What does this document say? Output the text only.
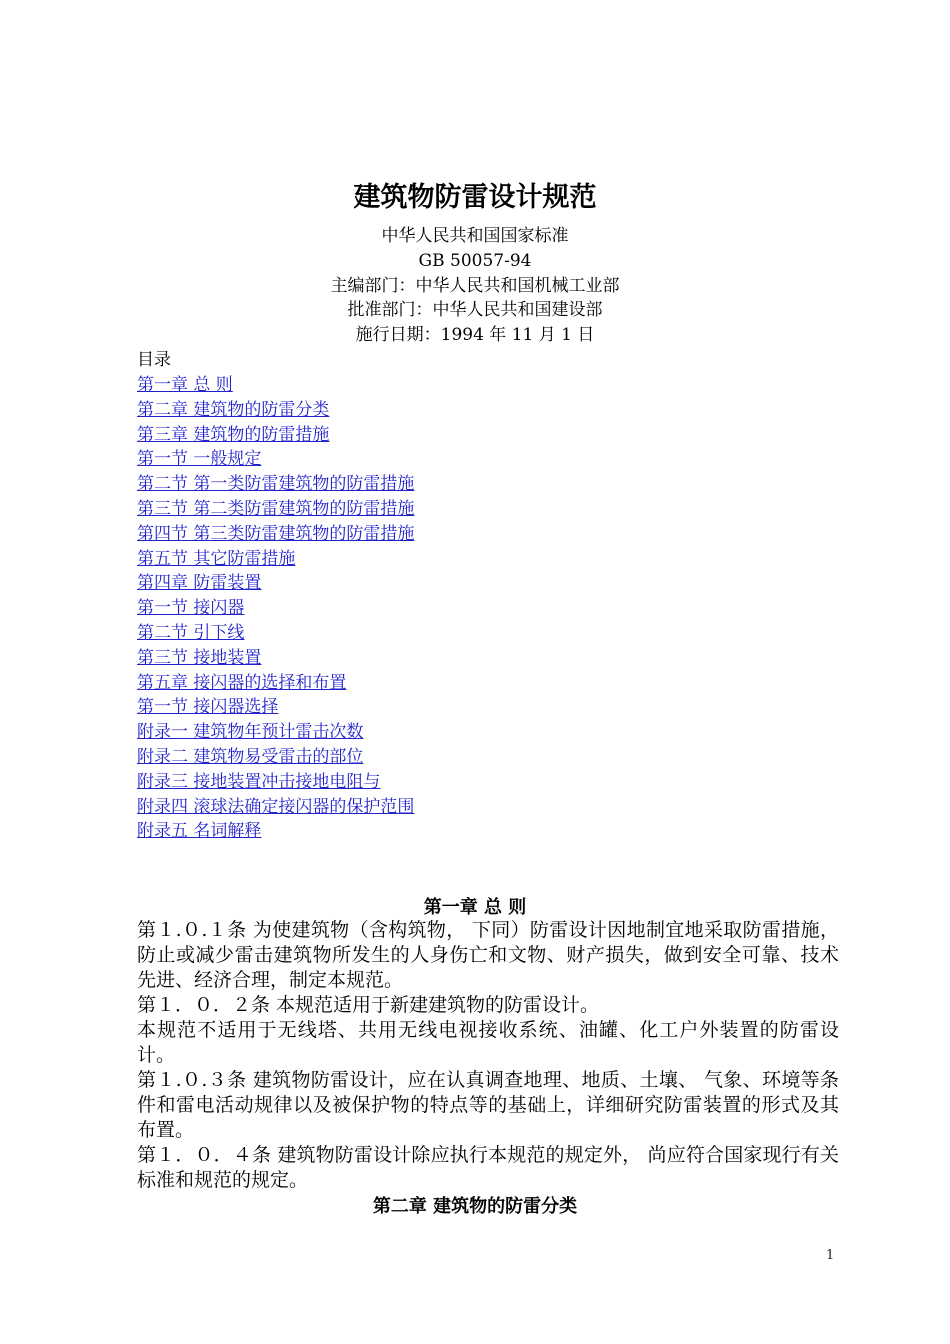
建筑物防雷设计规范
中华人民共和国国家标准
GB 50057-94
主编部门：中华人民共和国机械工业部
批准部门：中华人民共和国建设部
施行日期：1994 年 11 月 1 日
目录
第一章 总 则
第二章 建筑物的防雷分类
第三章 建筑物的防雷措施
第一节 一般规定
第二节 第一类防雷建筑物的防雷措施
第三节 第二类防雷建筑物的防雷措施
第四节 第三类防雷建筑物的防雷措施
第五节 其它防雷措施
第四章 防雷装置
第一节 接闪器
第二节 引下线
第三节 接地装置
第五章 接闪器的选择和布置
第一节 接闪器选择
附录一 建筑物年预计雷击次数
附录二 建筑物易受雷击的部位
附录三 接地装置冲击接地电阻与
附录四 滚球法确定接闪器的保护范围
附录五 名词解释
第一章 总 则

第１.０.１条 为使建筑物（含构筑物， 下同）防雷设计因地制宜地采取防雷措施，防止或减少雷击建筑物所发生的人身伤亡和文物、财产损失，做到安全可靠、技术先进、经济合理，制定本规范。

第１．０．２条 本规范适用于新建建筑物的防雷设计。

本规范不适用于无线塔、共用无线电视接收系统、油罐、化工户外装置的防雷设计。

第１.０.３条 建筑物防雷设计，应在认真调查地理、地质、土壤、 气象、环境等条件和雷电活动规律以及被保护物的特点等的基础上，详细研究防雷装置的形式及其布置。

第１．０．４条 建筑物防雷设计除应执行本规范的规定外， 尚应符合国家现行有关标准和规范的规定。

第二章 建筑物的防雷分类
1
